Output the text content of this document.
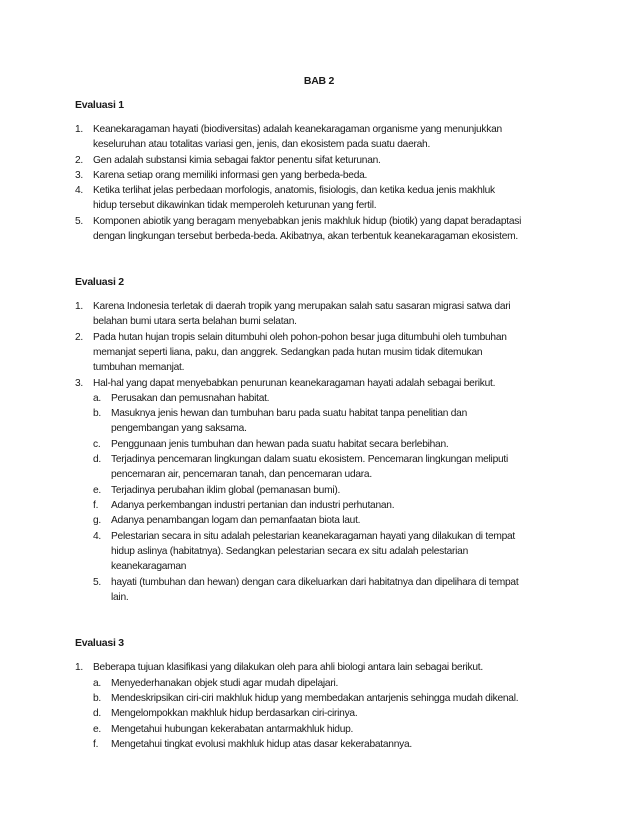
BAB 2
Evaluasi 1
1. Keanekaragaman hayati (biodiversitas) adalah keanekaragaman organisme yang menunjukkan
keseluruhan atau totalitas variasi gen, jenis, dan ekosistem pada suatu daerah.
2. Gen adalah substansi kimia sebagai faktor penentu sifat keturunan.
3. Karena setiap orang memiliki informasi gen yang berbeda-beda.
4. Ketika terlihat jelas perbedaan morfologis, anatomis, fisiologis, dan ketika kedua jenis makhluk
hidup tersebut dikawinkan tidak memperoleh keturunan yang fertil.
5. Komponen abiotik yang beragam menyebabkan jenis makhluk hidup (biotik) yang dapat beradaptasi
dengan lingkungan tersebut berbeda-beda. Akibatnya, akan terbentuk keanekaragaman ekosistem.
Evaluasi 2
1. Karena Indonesia terletak di daerah tropik yang merupakan salah satu sasaran migrasi satwa dari
belahan bumi utara serta belahan bumi selatan.
2. Pada hutan hujan tropis selain ditumbuhi oleh pohon-pohon besar juga ditumbuhi oleh tumbuhan
memanjat seperti liana, paku, dan anggrek. Sedangkan pada hutan musim tidak ditemukan
tumbuhan memanjat.
3. Hal-hal yang dapat menyebabkan penurunan keanekaragaman hayati adalah sebagai berikut.
a. Perusakan dan pemusnahan habitat.
b. Masuknya jenis hewan dan tumbuhan baru pada suatu habitat tanpa penelitian dan
pengembangan yang saksama.
c. Penggunaan jenis tumbuhan dan hewan pada suatu habitat secara berlebihan.
d. Terjadinya pencemaran lingkungan dalam suatu ekosistem. Pencemaran lingkungan meliputi
pencemaran air, pencemaran tanah, dan pencemaran udara.
e. Terjadinya perubahan iklim global (pemanasan bumi).
f. Adanya perkembangan industri pertanian dan industri perhutanan.
g. Adanya penambangan logam dan pemanfaatan biota laut.
4. Pelestarian secara in situ adalah pelestarian keanekaragaman hayati yang dilakukan di tempat
hidup aslinya (habitatnya). Sedangkan pelestarian secara ex situ adalah pelestarian
keanekaragaman
5. hayati (tumbuhan dan hewan) dengan cara dikeluarkan dari habitatnya dan dipelihara di tempat
lain.
Evaluasi 3
1. Beberapa tujuan klasifikasi yang dilakukan oleh para ahli biologi antara lain sebagai berikut.
a. Menyederhanakan objek studi agar mudah dipelajari.
b. Mendeskripsikan ciri-ciri makhluk hidup yang membedakan antarjenis sehingga mudah dikenal.
d. Mengelompokkan makhluk hidup berdasarkan ciri-cirinya.
e. Mengetahui hubungan kekerabatan antarmakhluk hidup.
f. Mengetahui tingkat evolusi makhluk hidup atas dasar kekerabatannya.
